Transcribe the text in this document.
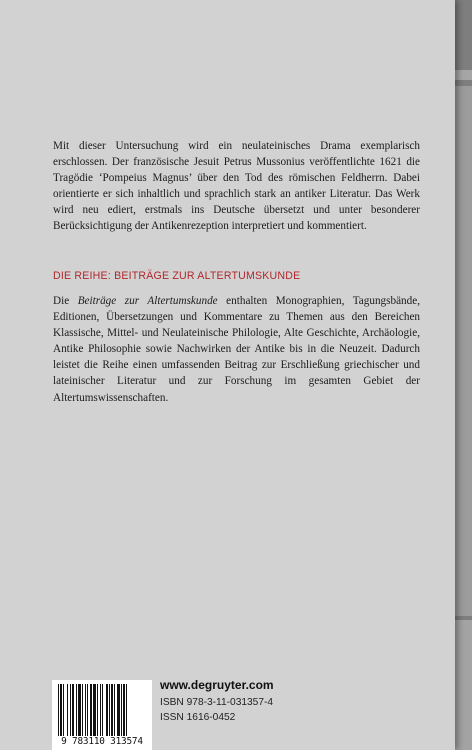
Mit dieser Untersuchung wird ein neulateinisches Drama exemplarisch erschlossen. Der französische Jesuit Petrus Mussonius veröffentlichte 1621 die Tragödie ‘Pompeius Magnus’ über den Tod des römischen Feldherrn. Dabei orientierte er sich inhaltlich und sprachlich stark an antiker Literatur. Das Werk wird neu ediert, erstmals ins Deutsche übersetzt und unter besonderer Berücksichtigung der Antikenrezeption interpretiert und kommentiert.
DIE REIHE: BEITRÄGE ZUR ALTERTUMSKUNDE
Die Beiträge zur Altertumskunde enthalten Monographien, Tagungsbände, Editionen, Übersetzungen und Kommentare zu Themen aus den Bereichen Klassische, Mittel- und Neulateinische Philologie, Alte Geschichte, Archäologie, Antike Philosophie sowie Nachwirken der Antike bis in die Neuzeit. Dadurch leistet die Reihe einen umfassenden Beitrag zur Erschließung griechischer und lateinischer Literatur und zur Forschung im gesamten Gebiet der Altertumswissenschaften.
9 783110 313574
www.degruyter.com
ISBN 978-3-11-031357-4
ISSN 1616-0452
